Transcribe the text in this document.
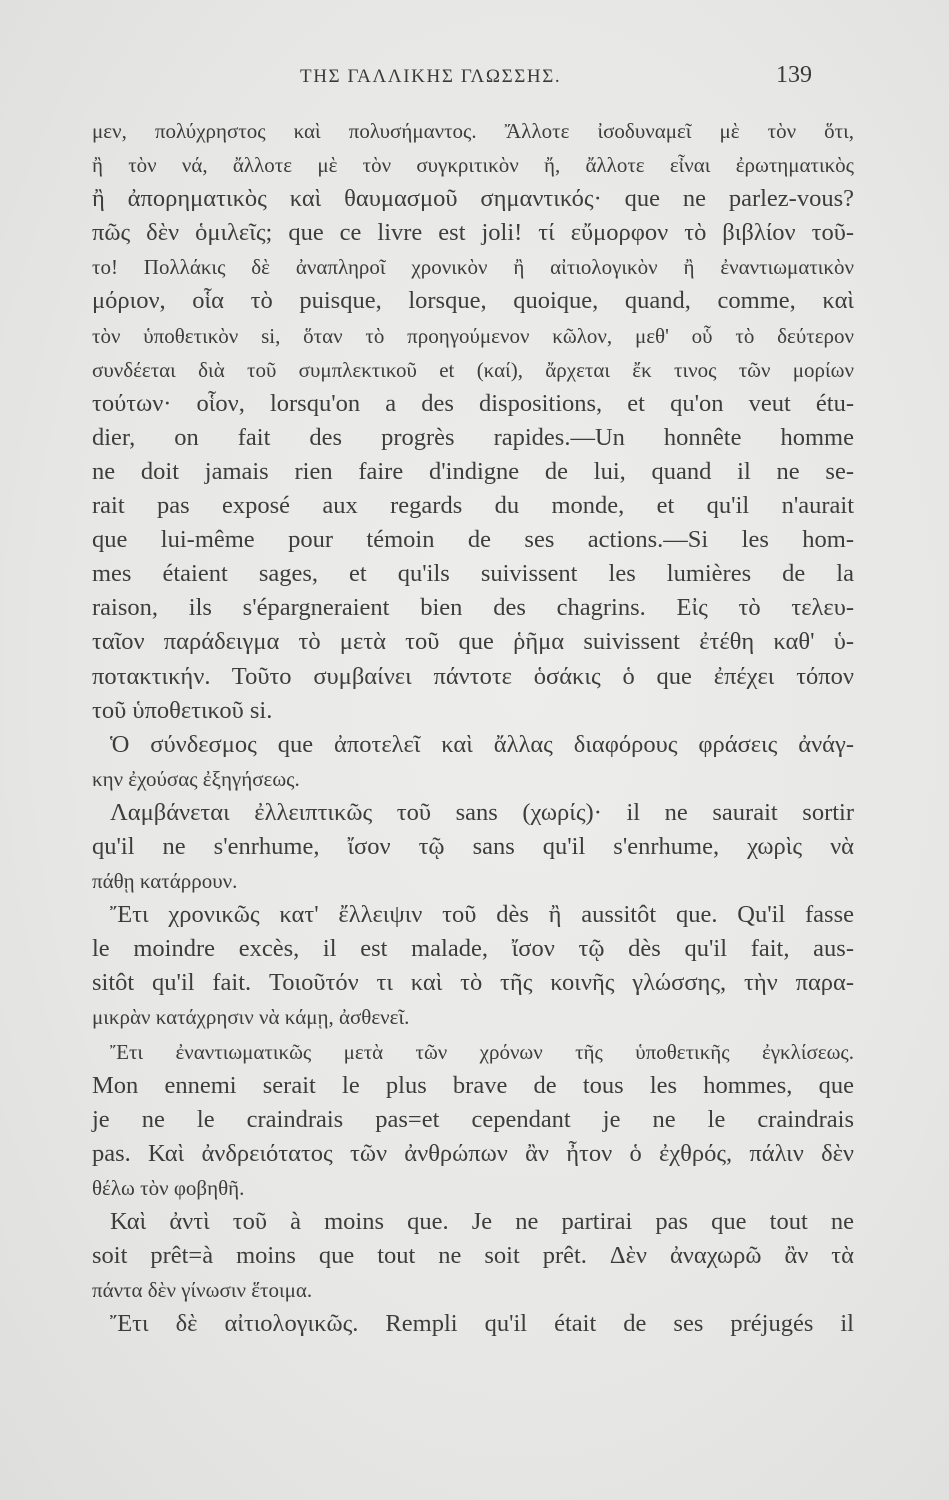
ΤΗΣ ΓΑΛΛΙΚΗΣ ΓΛΩΣΣΗΣ.	139
μεν, πολύχρηστος καὶ πολυσήμαντος. Ἄλλοτε ἰσοδυναμεῖ μὲ τὸν ὅτι,
ἢ τὸν νά, ἄλλοτε μὲ τὸν συγκριτικὸν ἤ, ἄλλοτε εἶναι ἐρωτηματικὸς
ἢ ἀπορηματικὸς καὶ θαυμασμοῦ σημαντικός· que ne parlez-vous?
πῶς δὲν ὁμιλεῖς; que ce livre est joli! τί εὔμορφον τὸ βιβλίον τοῦ-
το! Πολλάκις δὲ ἀναπληροῖ χρονικὸν ἢ αἰτιολογικὸν ἢ ἐναντιωματικὸν
μόριον, οἷα τὸ puisque, lorsque, quoique, quand, comme, καὶ
τὸν ὑποθετικὸν si, ὅταν τὸ προηγούμενον κῶλον, μεθ' οὗ τὸ δεύτερον
συνδέεται διὰ τοῦ συμπλεκτικοῦ et (καί), ἄρχεται ἔκ τινος τῶν μορίων
τούτων· οἷον, lorsqu'on a des dispositions, et qu'on veut étu-
dier, on fait des progrès rapides.—Un honnête homme
ne doit jamais rien faire d'indigne de lui, quand il ne se-
rait pas exposé aux regards du monde, et qu'il n'aurait
que lui-même pour témoin de ses actions.—Si les hom-
mes étaient sages, et qu'ils suivissent les lumières de la
raison, ils s'épargneraient bien des chagrins. Εἰς τὸ τελευ-
ταῖον παράδειγμα τὸ μετὰ τοῦ que ῥῆμα suivissent ἐτέθη καθ' ὑ-
ποτακτικήν. Τοῦτο συμβαίνει πάντοτε ὁσάκις ὁ que ἐπέχει τόπον
τοῦ ὑποθετικοῦ si.
Ὁ σύνδεσμος que ἀποτελεῖ καὶ ἄλλας διαφόρους φράσεις ἀνάγ-
κην ἐχούσας ἐξηγήσεως.
Λαμβάνεται ἐλλειπτικῶς τοῦ sans (χωρίς)· il ne saurait sortir
qu'il ne s'enrhume, ἴσον τῷ sans qu'il s'enrhume, χωρὶς νὰ
πάθῃ κατάρρουν.
Ἔτι χρονικῶς κατ' ἔλλειψιν τοῦ dès ἢ aussitôt que. Qu'il fasse
le moindre excès, il est malade, ἴσον τῷ dès qu'il fait, aus-
sitôt qu'il fait. Τοιοῦτόν τι καὶ τὸ τῆς κοινῆς γλώσσης, τὴν παρα-
μικρὰν κατάχρησιν νὰ κάμῃ, ἀσθενεῖ.
Ἔτι ἐναντιωματικῶς μετὰ τῶν χρόνων τῆς ὑποθετικῆς ἐγκλίσεως.
Mon ennemi serait le plus brave de tous les hommes, que
je ne le craindrais pas=et cependant je ne le craindrais
pas. Καὶ ἀνδρειότατος τῶν ἀνθρώπων ἂν ἦτον ὁ ἐχθρός, πάλιν δὲν
θέλω τὸν φοβηθῆ.
Καὶ ἀντὶ τοῦ à moins que. Je ne partirai pas que tout ne
soit prêt=à moins que tout ne soit prêt. Δὲν ἀναχωρῶ ἂν τὰ
πάντα δὲν γίνωσιν ἕτοιμα.
Ἔτι δὲ αἰτιολογικῶς. Rempli qu'il était de ses préjugés il
